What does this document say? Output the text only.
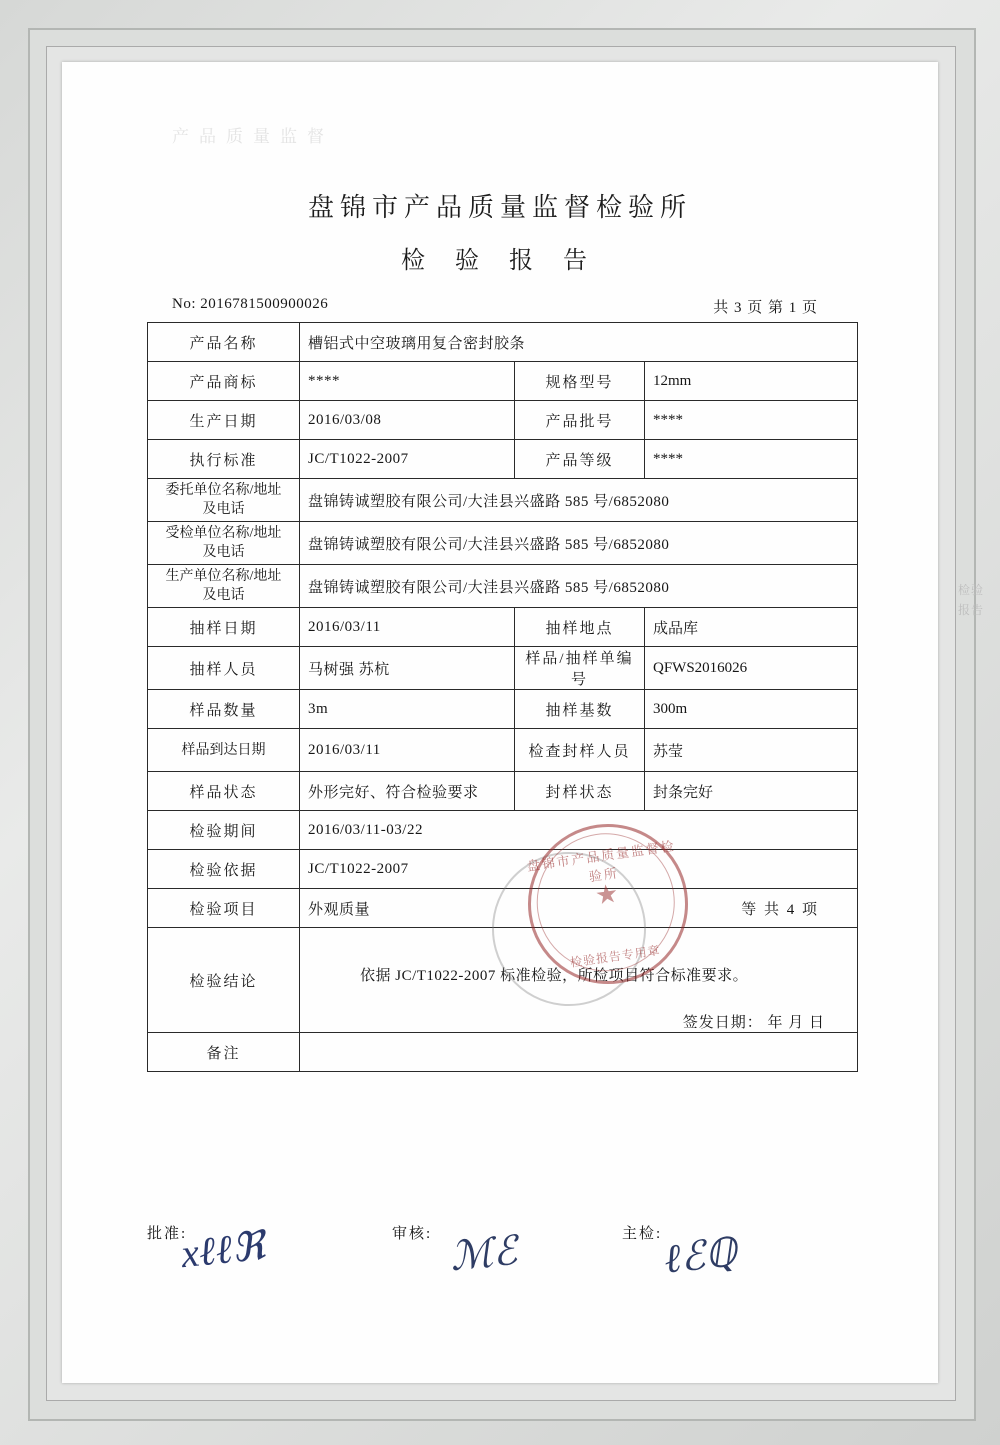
产品质量监督
盘锦市产品质量监督检验所
检 验 报 告
No: 2016781500900026	共 3 页 第 1 页
产品名称	槽铝式中空玻璃用复合密封胶条		
产品商标	****	规格型号	12mm
生产日期	2016/03/08	产品批号	****
执行标准	JC/T1022-2007	产品等级	****

委托单位名称/地址
及电话	盘锦铸诚塑胶有限公司/大洼县兴盛路 585 号/6852080		

受检单位名称/地址
及电话	盘锦铸诚塑胶有限公司/大洼县兴盛路 585 号/6852080		

生产单位名称/地址
及电话	盘锦铸诚塑胶有限公司/大洼县兴盛路 585 号/6852080		
抽样日期	2016/03/11	抽样地点	成品库
抽样人员	马树强 苏杭	样品/抽样单编号	QFWS2016026
样品数量	3m	抽样基数	300m
样品到达日期	2016/03/11	检查封样人员	苏莹
样品状态	外形完好、符合检验要求	封样状态	封条完好
检验期间	2016/03/11-03/22		
检验依据	JC/T1022-2007		
检验项目	外观质量 等 共 4 项		

检验结论	依据 JC/T1022-2007 标准检验，所检项目符合标准要求。
签发日期： 年 月 日		

备注			
盘锦市产品质量监督检验所
★
检验报告专用章
批准:
xℓℓℜ	审核: ℳℰ	主检: ℓℰℚ
检验报告
